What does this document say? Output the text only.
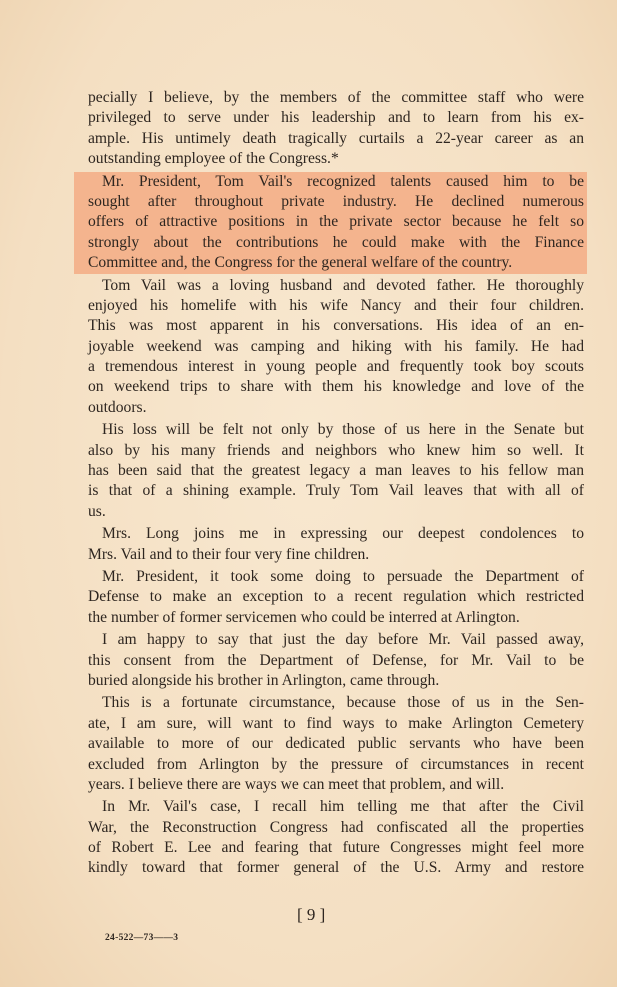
pecially I believe, by the members of the committee staff who were
privileged to serve under his leadership and to learn from his ex-
ample. His untimely death tragically curtails a 22-year career as an
outstanding employee of the Congress.*
Mr. President, Tom Vail's recognized talents caused him to be
sought after throughout private industry. He declined numerous
offers of attractive positions in the private sector because he felt so
strongly about the contributions he could make with the Finance
Committee and, the Congress for the general welfare of the country.
Tom Vail was a loving husband and devoted father. He thoroughly
enjoyed his homelife with his wife Nancy and their four children.
This was most apparent in his conversations. His idea of an en-
joyable weekend was camping and hiking with his family. He had
a tremendous interest in young people and frequently took boy scouts
on weekend trips to share with them his knowledge and love of the
outdoors.
His loss will be felt not only by those of us here in the Senate but
also by his many friends and neighbors who knew him so well. It
has been said that the greatest legacy a man leaves to his fellow man
is that of a shining example. Truly Tom Vail leaves that with all of
us.
Mrs. Long joins me in expressing our deepest condolences to
Mrs. Vail and to their four very fine children.
Mr. President, it took some doing to persuade the Department of
Defense to make an exception to a recent regulation which restricted
the number of former servicemen who could be interred at Arlington.
I am happy to say that just the day before Mr. Vail passed away,
this consent from the Department of Defense, for Mr. Vail to be
buried alongside his brother in Arlington, came through.
This is a fortunate circumstance, because those of us in the Sen-
ate, I am sure, will want to find ways to make Arlington Cemetery
available to more of our dedicated public servants who have been
excluded from Arlington by the pressure of circumstances in recent
years. I believe there are ways we can meet that problem, and will.
In Mr. Vail's case, I recall him telling me that after the Civil
War, the Reconstruction Congress had confiscated all the properties
of Robert E. Lee and fearing that future Congresses might feel more
kindly toward that former general of the U.S. Army and restore
[ 9 ]
24-522—73——3
